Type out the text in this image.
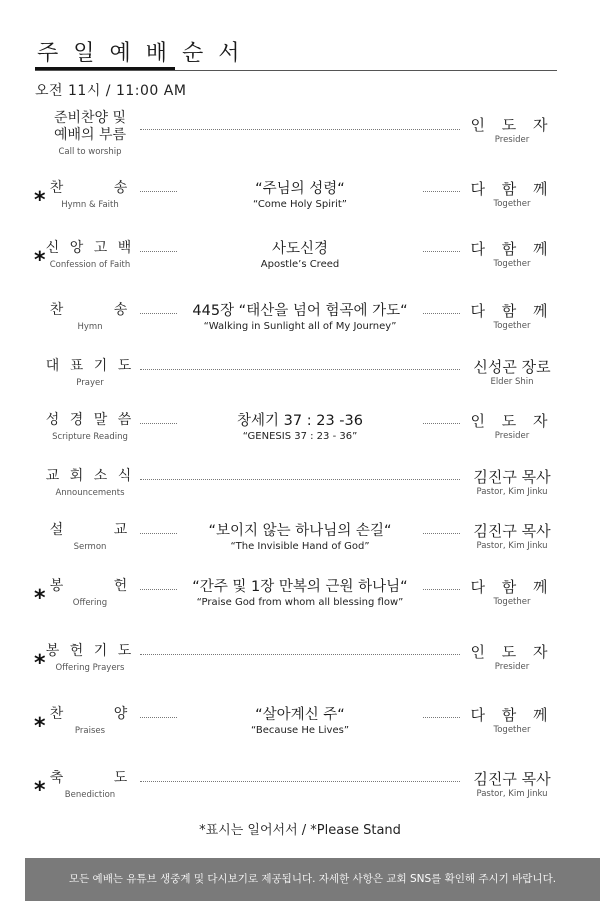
주 일 예 배 순 서
오전 11시 / 11:00 AM
준비찬양 및
예배의 부름
Call to worship
인 도 자
Presider
* 찬 송
Hymn & Faith
“주님의 성령“
“Come Holy Spirit”
다 함 께
Together
* 신 앙 고 백
Confession of Faith
사도신경
Apostle’s Creed
다 함 께
Together
찬 송
Hymn
445장 “태산을 넘어 험곡에 가도“
“Walking in Sunlight all of My Journey”
다 함 께
Together
대 표 기 도
Prayer
신성곤 장로
Elder Shin
성 경 말 씀
Scripture Reading
창세기 37 : 23 -36
“GENESIS 37 : 23 - 36”
인 도 자
Presider
교 회 소 식
Announcements
김진구 목사
Pastor, Kim Jinku
설 교
Sermon
“보이지 않는 하나님의 손길“
“The Invisible Hand of God”
김진구 목사
Pastor, Kim Jinku
* 봉 헌
Offering
“간주 및 1장 만복의 근원 하나님“
“Praise God from whom all blessing flow”
다 함 께
Together
* 봉 헌 기 도
Offering Prayers
인 도 자
Presider
* 찬 양
Praises
“살아계신 주“
“Because He Lives”
다 함 께
Together
* 축 도
Benediction
김진구 목사
Pastor, Kim Jinku
*표시는 일어서서 / *Please Stand
모든 예배는 유튜브 생중계 및 다시보기로 제공됩니다. 자세한 사항은 교회 SNS를 확인해 주시기 바랍니다.
